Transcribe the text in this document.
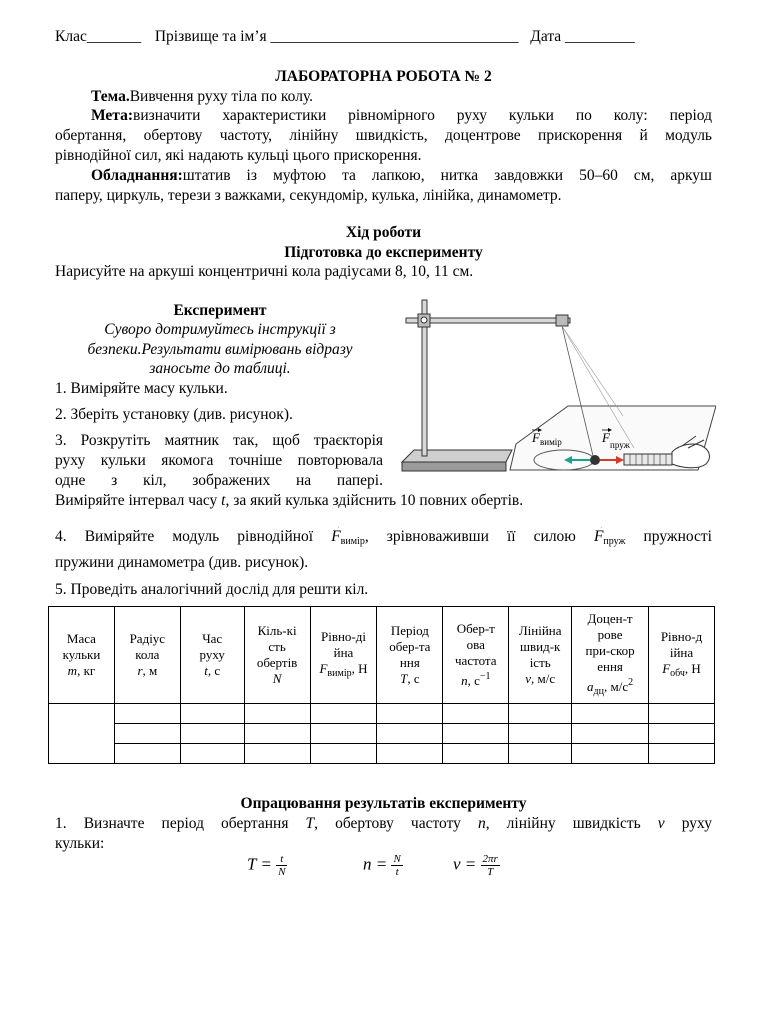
Клас_______ Прізвище та ім’я ________________________________ Дата _________
ЛАБОРАТОРНА РОБОТА № 2
Тема.Вивчення руху тіла по колу.
Мета:визначити характеристики рівномірного руху кульки по колу: період
обертання, обертову частоту, лінійну швидкість, доцентрове прискорення й модуль
рівнодійної сил, які надають кульці цього прискорення.
Обладнання:штатив із муфтою та лапкою, нитка завдовжки 50–60 см, аркуш
паперу, циркуль, терези з важками, секундомір, кулька, лінійка, динамометр.
Хід роботи
Підготовка до експерименту
Нарисуйте на аркуші концентричні кола радіусами 8, 10, 11 см.
Експеримент
Суворо дотримуйтесь інструкції з
безпеки.Результати вимірювань відразу
заносьте до таблиці.
1. Виміряйте масу кульки.
2. Зберіть установку (див. рисунок).
3. Розкрутіть маятник так, щоб траєкторія
руху кульки якомога точніше повторювала
одне з кіл, зображених на папері.
Виміряйте інтервал часу t, за який кулька здійснить 10 повних обертів.
4. Виміряйте модуль рівнодійної → $F_{вимір}$, зрівноваживши її силою → $F_{пруж}$ пружності
пружини динамометра (див. рисунок).
5. Проведіть аналогічний дослід для решти кіл.
F вимір	F пруж
Маса
кульки
m, кг	Радіус
кола
r, м	Час
руху
t, с	Кіль-кі
сть
обертів
N	Рівно-ді
йна
$F_{вимір}$, Н	Період
обер-та
ння
T, с	Обер-т
ова
частота
n, $с^{-1}$	Лінійна
швид-к
ість
v, м/с	Доцен-т
рове
при-скор
ення
$a_{дц}$, $м/с^2$	Рівно-д
ійна
$F_{обч}$, Н

Опрацювання результатів експерименту
1. Визначте період обертання T, обертову частоту n, лінійну швидкість v руху
кульки:
$T = \frac{t}{N}$	$n = \frac{N}{t}$	$v = \frac{2\pi r}{T}$
